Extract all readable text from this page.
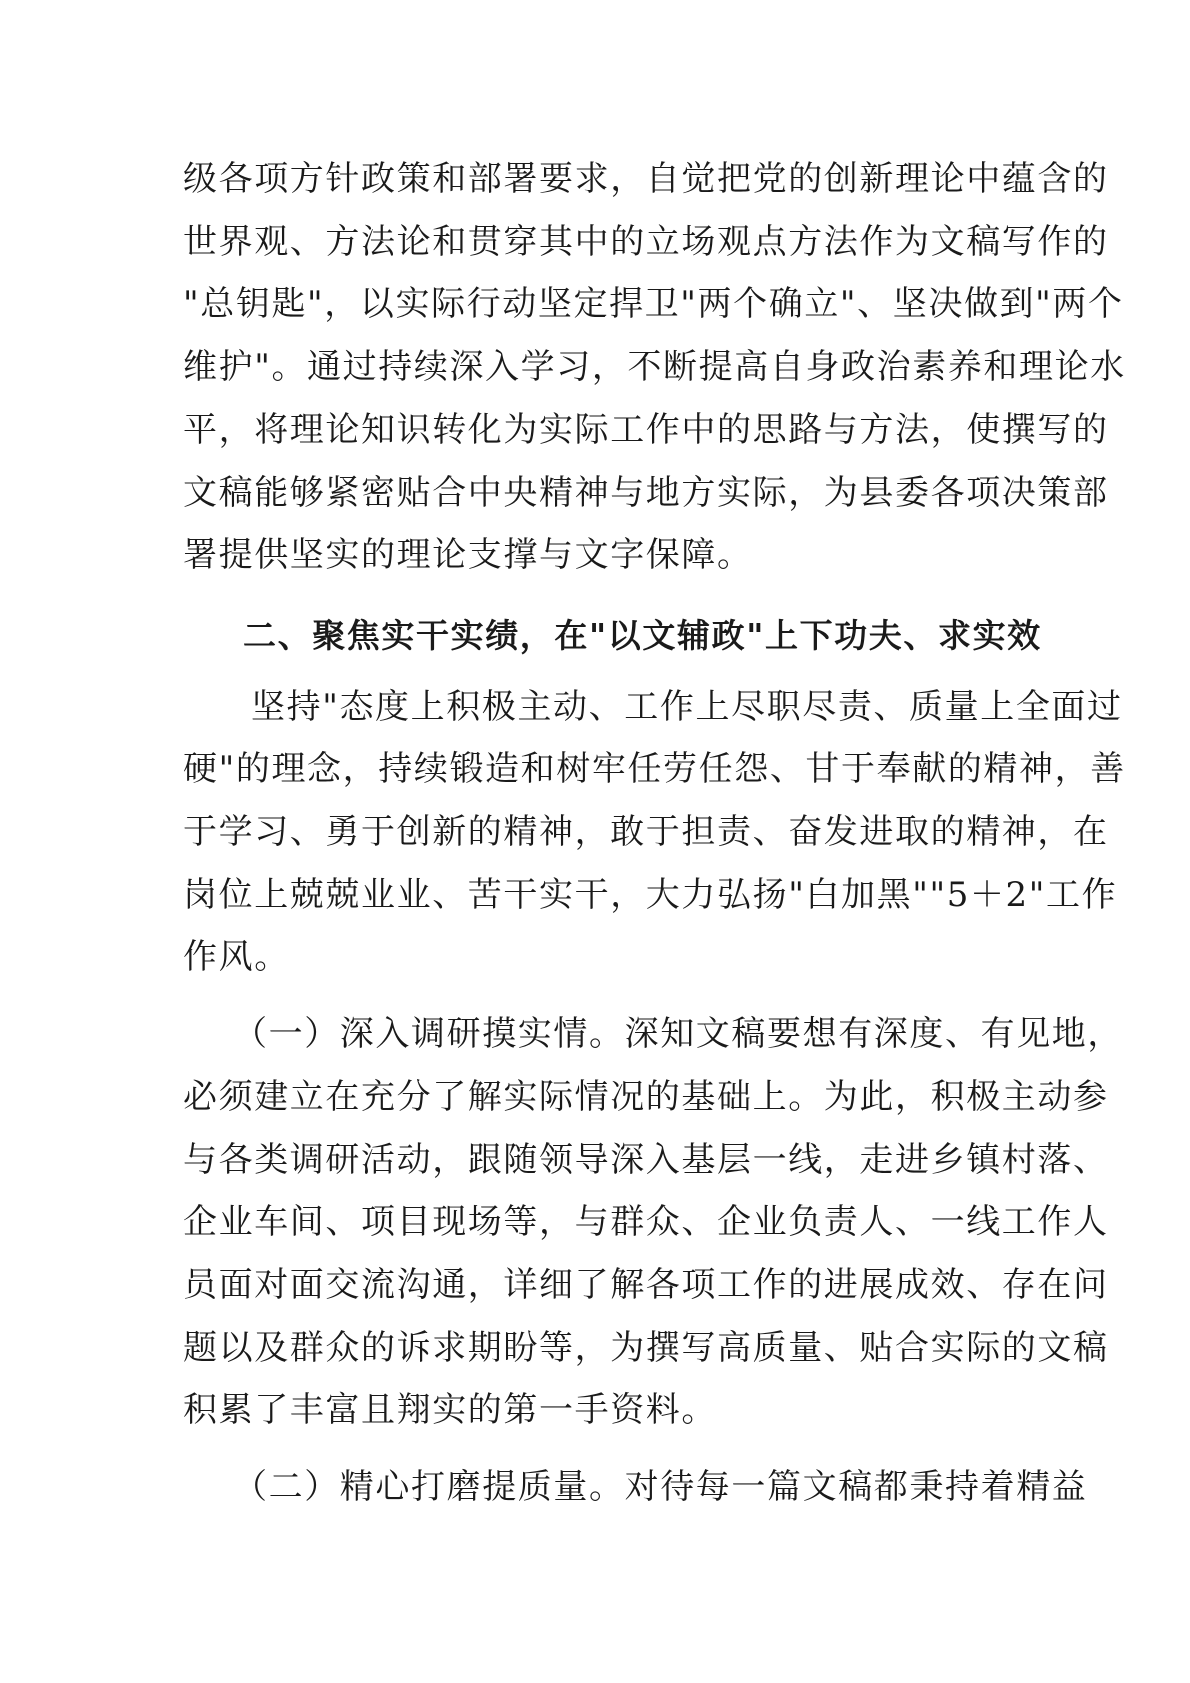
级各项方针政策和部署要求，自觉把党的创新理论中蕴含的
世界观、方法论和贯穿其中的立场观点方法作为文稿写作的
"总钥匙"，以实际行动坚定捍卫"两个确立"、坚决做到"两个
维护"。通过持续深入学习，不断提高自身政治素养和理论水
平，将理论知识转化为实际工作中的思路与方法，使撰写的
文稿能够紧密贴合中央精神与地方实际，为县委各项决策部
署提供坚实的理论支撑与文字保障。

二、聚焦实干实绩，在"以文辅政"上下功夫、求实效

坚持"态度上积极主动、工作上尽职尽责、质量上全面过
硬"的理念，持续锻造和树牢任劳任怨、甘于奉献的精神，善
于学习、勇于创新的精神，敢于担责、奋发进取的精神，在
岗位上兢兢业业、苦干实干，大力弘扬"白加黑""5＋2"工作
作风。

（一）深入调研摸实情。深知文稿要想有深度、有见地，
必须建立在充分了解实际情况的基础上。为此，积极主动参
与各类调研活动，跟随领导深入基层一线，走进乡镇村落、
企业车间、项目现场等，与群众、企业负责人、一线工作人
员面对面交流沟通，详细了解各项工作的进展成效、存在问
题以及群众的诉求期盼等，为撰写高质量、贴合实际的文稿
积累了丰富且翔实的第一手资料。

（二）精心打磨提质量。对待每一篇文稿都秉持着精益
